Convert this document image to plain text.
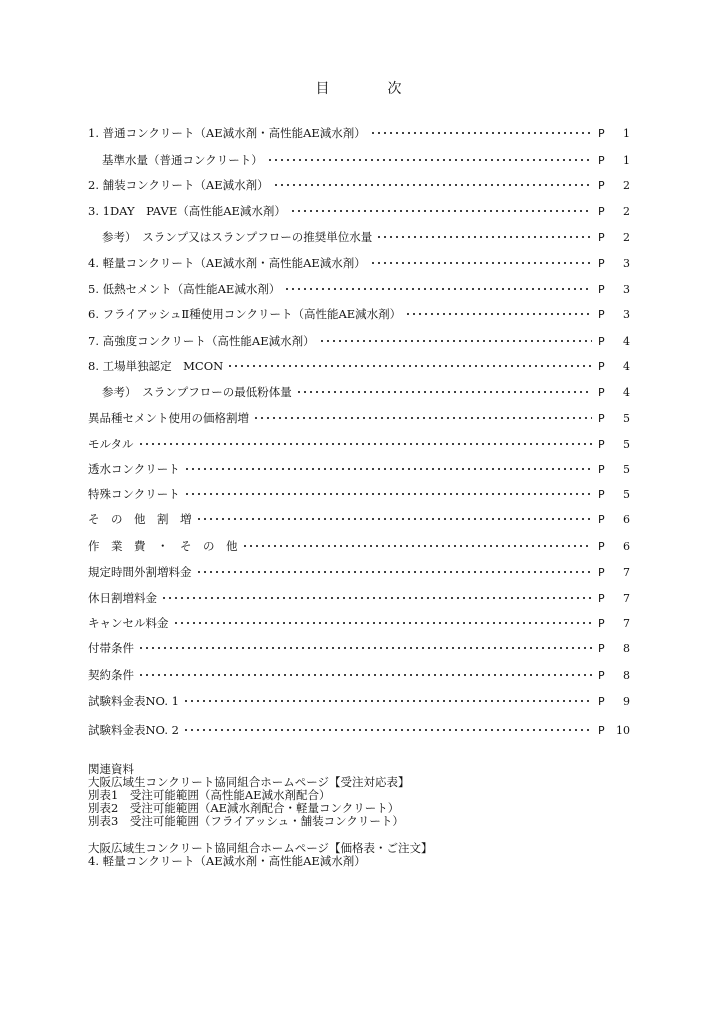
目	次
1. 普通コンクリート（AE減水剤・高性能AE減水剤）	P	1
基準水量（普通コンクリート）	P	1
2. 舗装コンクリート（AE減水剤）	P	2
3. 1DAY　PAVE（高性能AE減水剤）	P	2
参考）　スランプ又はスランプフローの推奨単位水量	P	2
4. 軽量コンクリート（AE減水剤・高性能AE減水剤）	P	3
5. 低熱セメント（高性能AE減水剤）	P	3
6. フライアッシュⅡ種使用コンクリート（高性能AE減水剤）	P	3
7. 高強度コンクリート（高性能AE減水剤）	P	4
8. 工場単独認定　MCON	P	4
参考）　スランプフローの最低粉体量	P	4
異品種セメント使用の価格割増	P	5
モルタル	P	5
透水コンクリート	P	5
特殊コンクリート	P	5
そ　の　他　割　増	P	6
作　業　費　・　そ　の　他	P	6
規定時間外割増料金	P	7
休日割増料金	P	7
キャンセル料金	P	7
付帯条件	P	8
契約条件	P	8
試験料金表NO. 1	P	9
試験料金表NO. 2	P	10
関連資料
大阪広域生コンクリート協同組合ホームページ【受注対応表】
別表1　受注可能範囲（高性能AE減水剤配合）
別表2　受注可能範囲（AE減水剤配合・軽量コンクリート）
別表3　受注可能範囲（フライアッシュ・舗装コンクリート）
大阪広域生コンクリート協同組合ホームページ【価格表・ご注文】
4. 軽量コンクリート（AE減水剤・高性能AE減水剤）
